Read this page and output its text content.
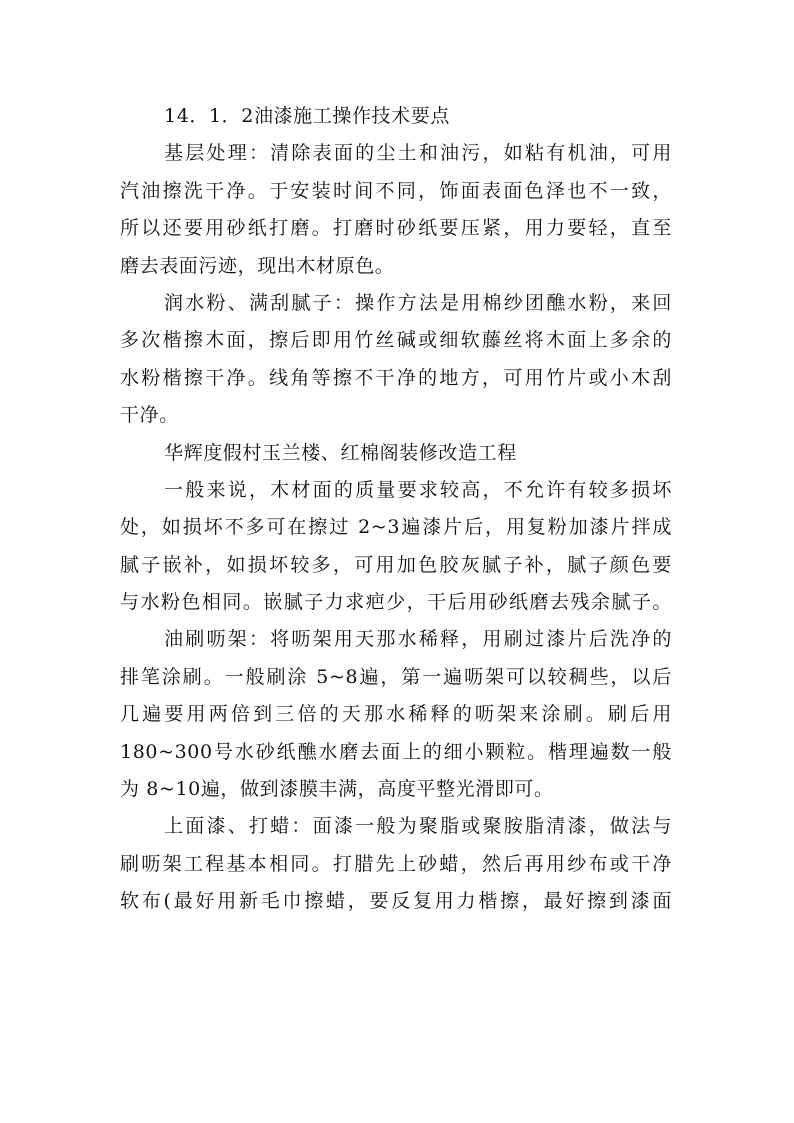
14．1．2油漆施工操作技术要点
基层处理：清除表面的尘土和油污，如粘有机油，可用
汽油擦洗干净。于安装时间不同，饰面表面色泽也不一致，
所以还要用砂纸打磨。打磨时砂纸要压紧，用力要轻，直至
磨去表面污迹，现出木材原色。
润水粉、满刮腻子：操作方法是用棉纱团醮水粉，来回
多次楷擦木面，擦后即用竹丝碱或细软藤丝将木面上多余的
水粉楷擦干净。线角等擦不干净的地方，可用竹片或小木刮
干净。
华辉度假村玉兰楼、红棉阁装修改造工程
一般来说，木材面的质量要求较高，不允许有较多损坏
处，如损坏不多可在擦过 2~3遍漆片后，用复粉加漆片拌成
腻子嵌补，如损坏较多，可用加色胶灰腻子补，腻子颜色要
与水粉色相同。嵌腻子力求疤少，干后用砂纸磨去残余腻子。
油刷呖架：将呖架用天那水稀释，用刷过漆片后洗净的
排笔涂刷。一般刷涂 5~8遍，第一遍呖架可以较稠些，以后
几遍要用两倍到三倍的天那水稀释的呖架来涂刷。刷后用
180~300号水砂纸醮水磨去面上的细小颗粒。楷理遍数一般
为 8~10遍，做到漆膜丰满，高度平整光滑即可。
上面漆、打蜡：面漆一般为聚脂或聚胺脂清漆，做法与
刷呖架工程基本相同。打腊先上砂蜡，然后再用纱布或干净
软布(最好用新毛巾擦蜡，要反复用力楷擦，最好擦到漆面
